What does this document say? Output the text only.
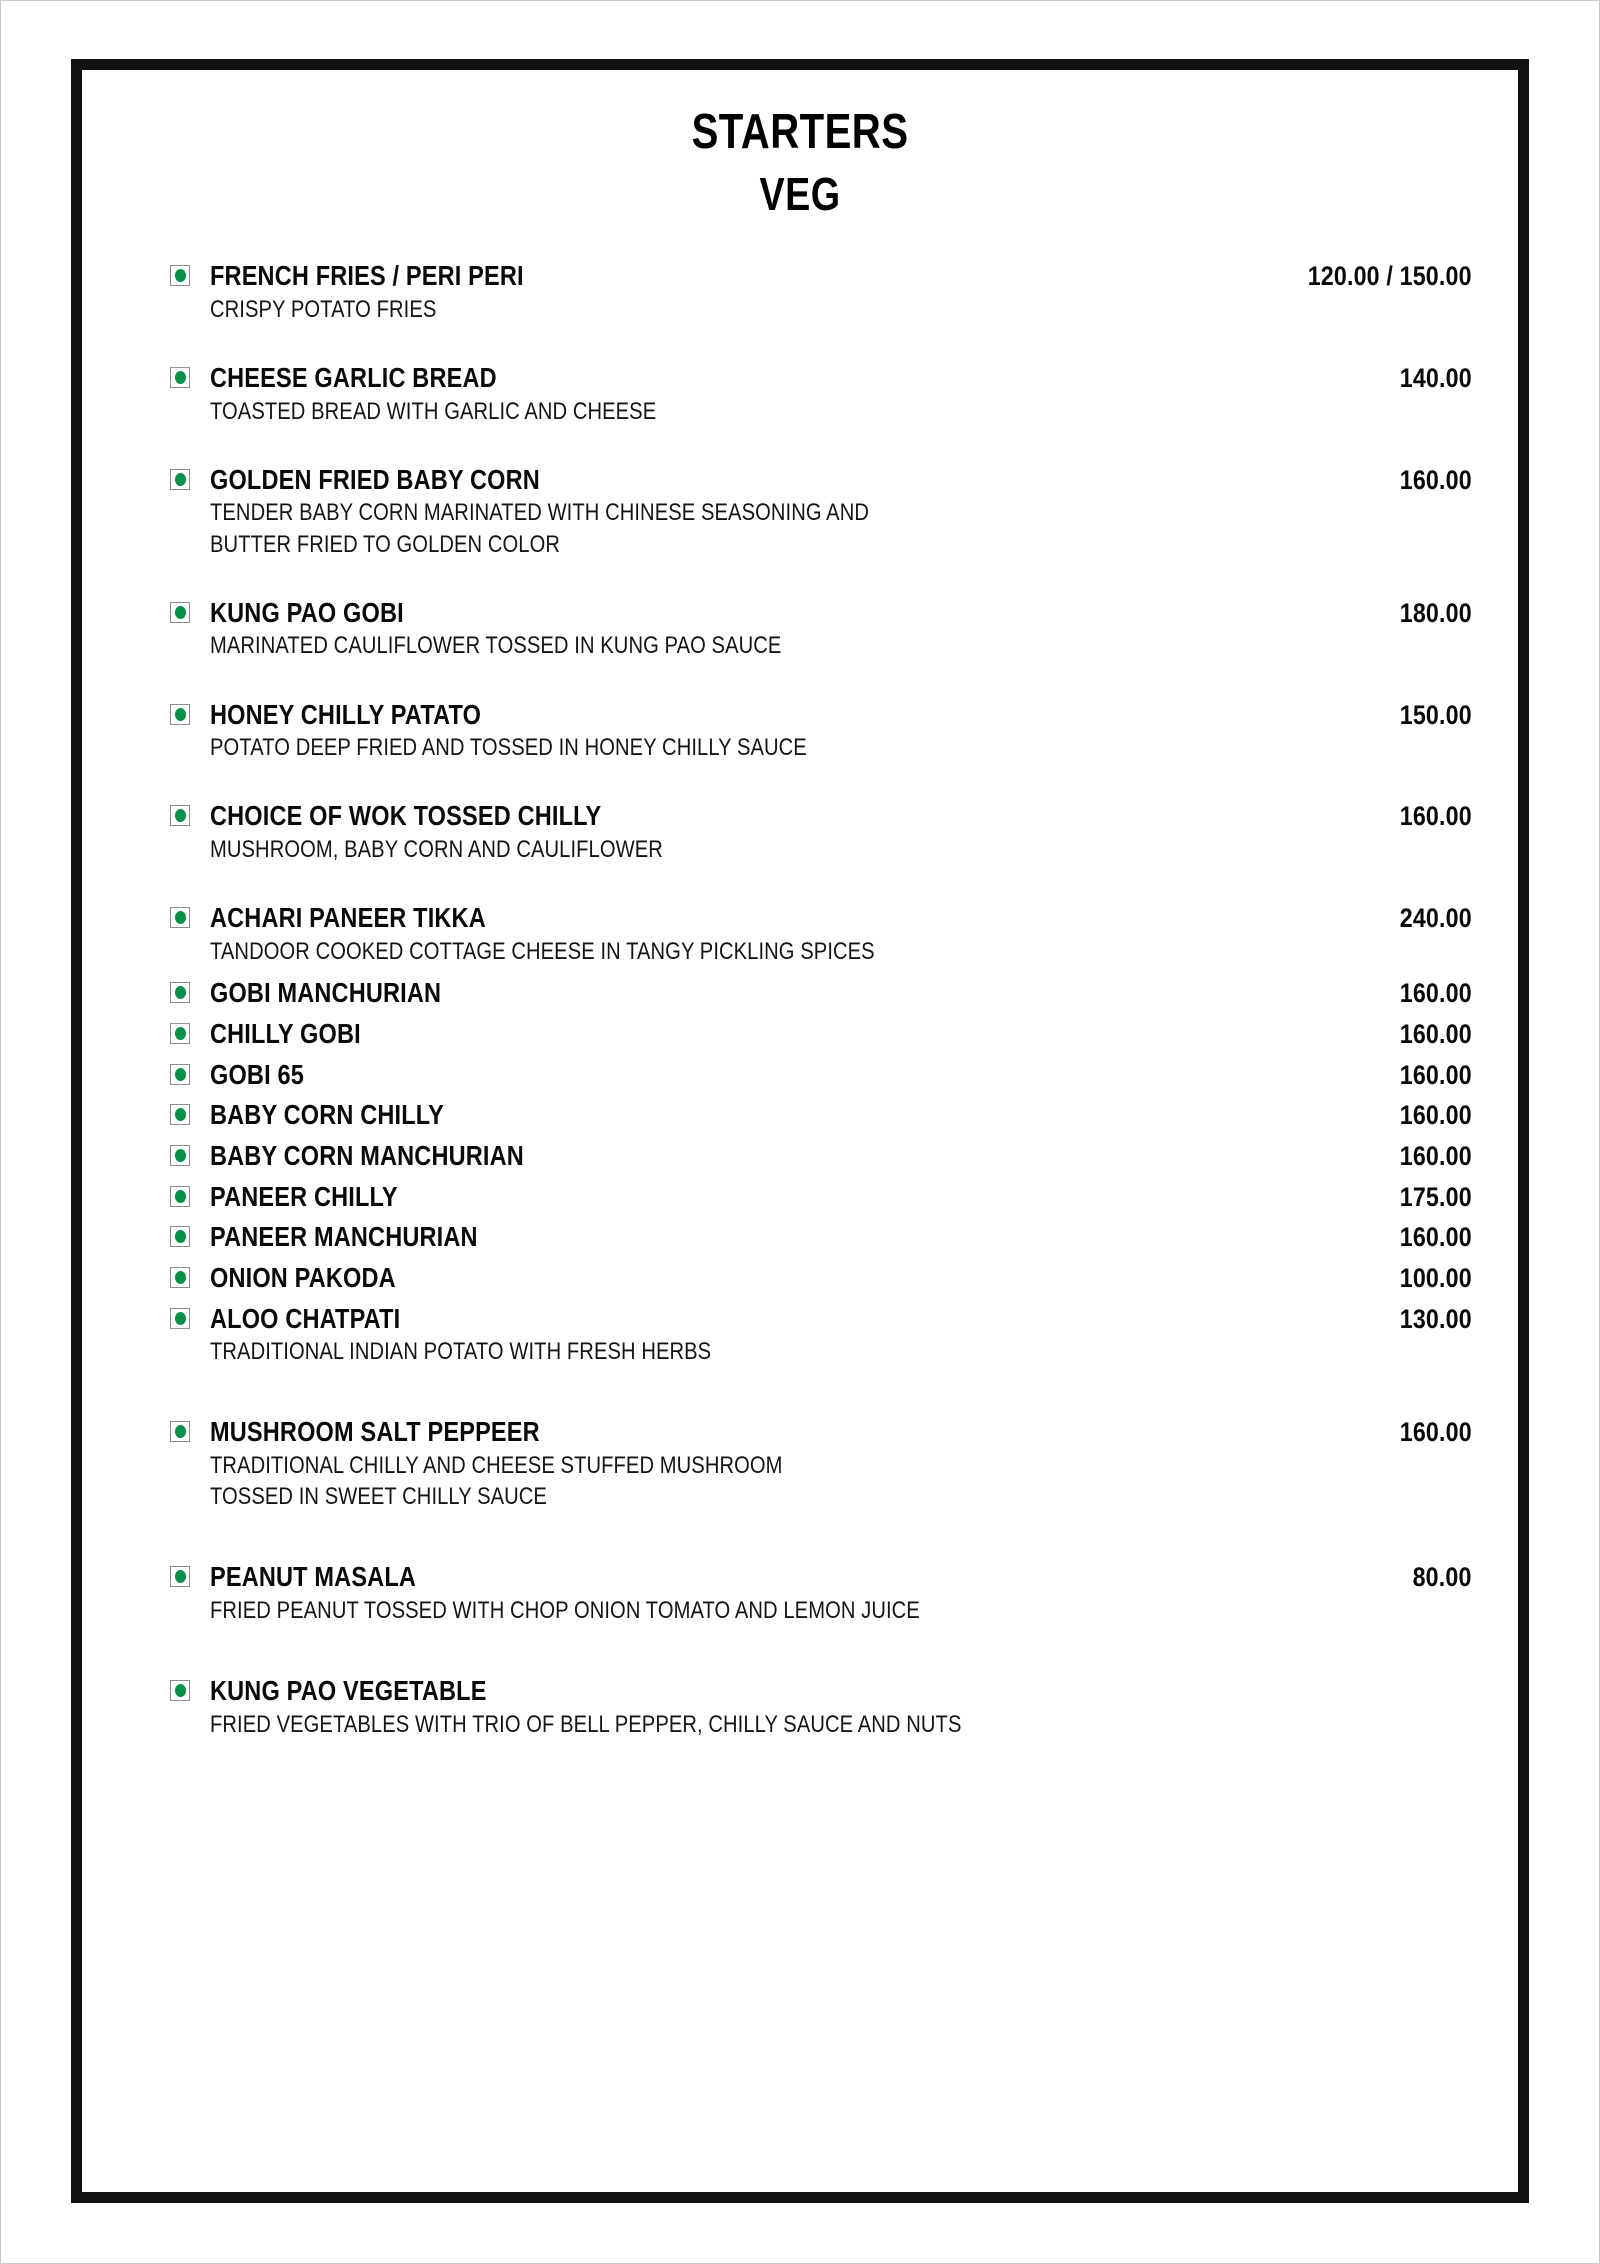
STARTERS
VEG
FRENCH FRIES / PERI PERI	120.00 / 150.00
CRISPY POTATO FRIES
CHEESE GARLIC BREAD	140.00
TOASTED BREAD WITH GARLIC AND CHEESE
GOLDEN FRIED BABY CORN	160.00
TENDER BABY CORN MARINATED WITH CHINESE SEASONING AND
BUTTER FRIED TO GOLDEN COLOR
KUNG PAO GOBI	180.00
MARINATED CAULIFLOWER TOSSED IN KUNG PAO SAUCE
HONEY CHILLY PATATO	150.00
POTATO DEEP FRIED AND TOSSED IN HONEY CHILLY SAUCE
CHOICE OF WOK TOSSED CHILLY	160.00
MUSHROOM, BABY CORN AND CAULIFLOWER
ACHARI PANEER TIKKA	240.00
TANDOOR COOKED COTTAGE CHEESE IN TANGY PICKLING SPICES
GOBI MANCHURIAN	160.00
CHILLY GOBI	160.00
GOBI 65	160.00
BABY CORN CHILLY	160.00
BABY CORN MANCHURIAN	160.00
PANEER CHILLY	175.00
PANEER MANCHURIAN	160.00
ONION PAKODA	100.00
ALOO CHATPATI	130.00
TRADITIONAL INDIAN POTATO WITH FRESH HERBS
MUSHROOM SALT PEPPEER	160.00
TRADITIONAL CHILLY AND CHEESE STUFFED MUSHROOM
TOSSED IN SWEET CHILLY SAUCE
PEANUT MASALA	80.00
FRIED PEANUT TOSSED WITH CHOP ONION TOMATO AND LEMON JUICE
KUNG PAO VEGETABLE
FRIED VEGETABLES WITH TRIO OF BELL PEPPER, CHILLY SAUCE AND NUTS
